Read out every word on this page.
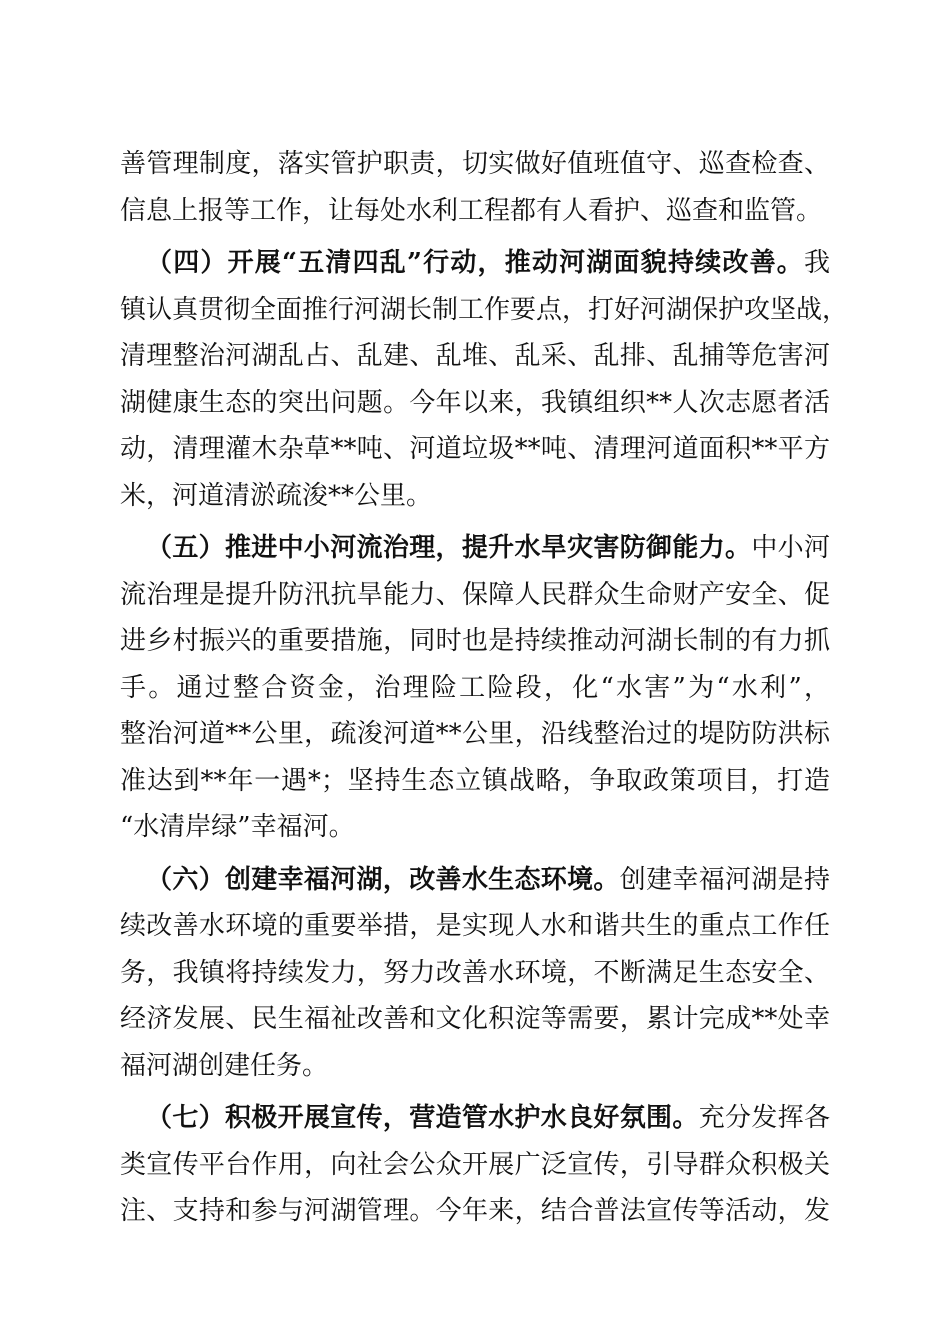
善管理制度，落实管护职责，切实做好值班值守、巡查检查、
信息上报等工作，让每处水利工程都有人看护、巡查和监管。
（四）开展“五清四乱”行动，推动河湖面貌持续改善。我
镇认真贯彻全面推行河湖长制工作要点，打好河湖保护攻坚战，
清理整治河湖乱占、乱建、乱堆、乱采、乱排、乱捕等危害河
湖健康生态的突出问题。今年以来，我镇组织**人次志愿者活
动，清理灌木杂草**吨、河道垃圾**吨、清理河道面积**平方
米，河道清淤疏浚**公里。
（五）推进中小河流治理，提升水旱灾害防御能力。中小河
流治理是提升防汛抗旱能力、保障人民群众生命财产安全、促
进乡村振兴的重要措施，同时也是持续推动河湖长制的有力抓
手。通过整合资金，治理险工险段，化“水害”为“水利”，
整治河道**公里，疏浚河道**公里，沿线整治过的堤防防洪标
准达到**年一遇*；坚持生态立镇战略，争取政策项目，打造
“水清岸绿”幸福河。
（六）创建幸福河湖，改善水生态环境。创建幸福河湖是持
续改善水环境的重要举措，是实现人水和谐共生的重点工作任
务，我镇将持续发力，努力改善水环境，不断满足生态安全、
经济发展、民生福祉改善和文化积淀等需要，累计完成**处幸
福河湖创建任务。
（七）积极开展宣传，营造管水护水良好氛围。充分发挥各
类宣传平台作用，向社会公众开展广泛宣传，引导群众积极关
注、支持和参与河湖管理。今年来，结合普法宣传等活动，发
